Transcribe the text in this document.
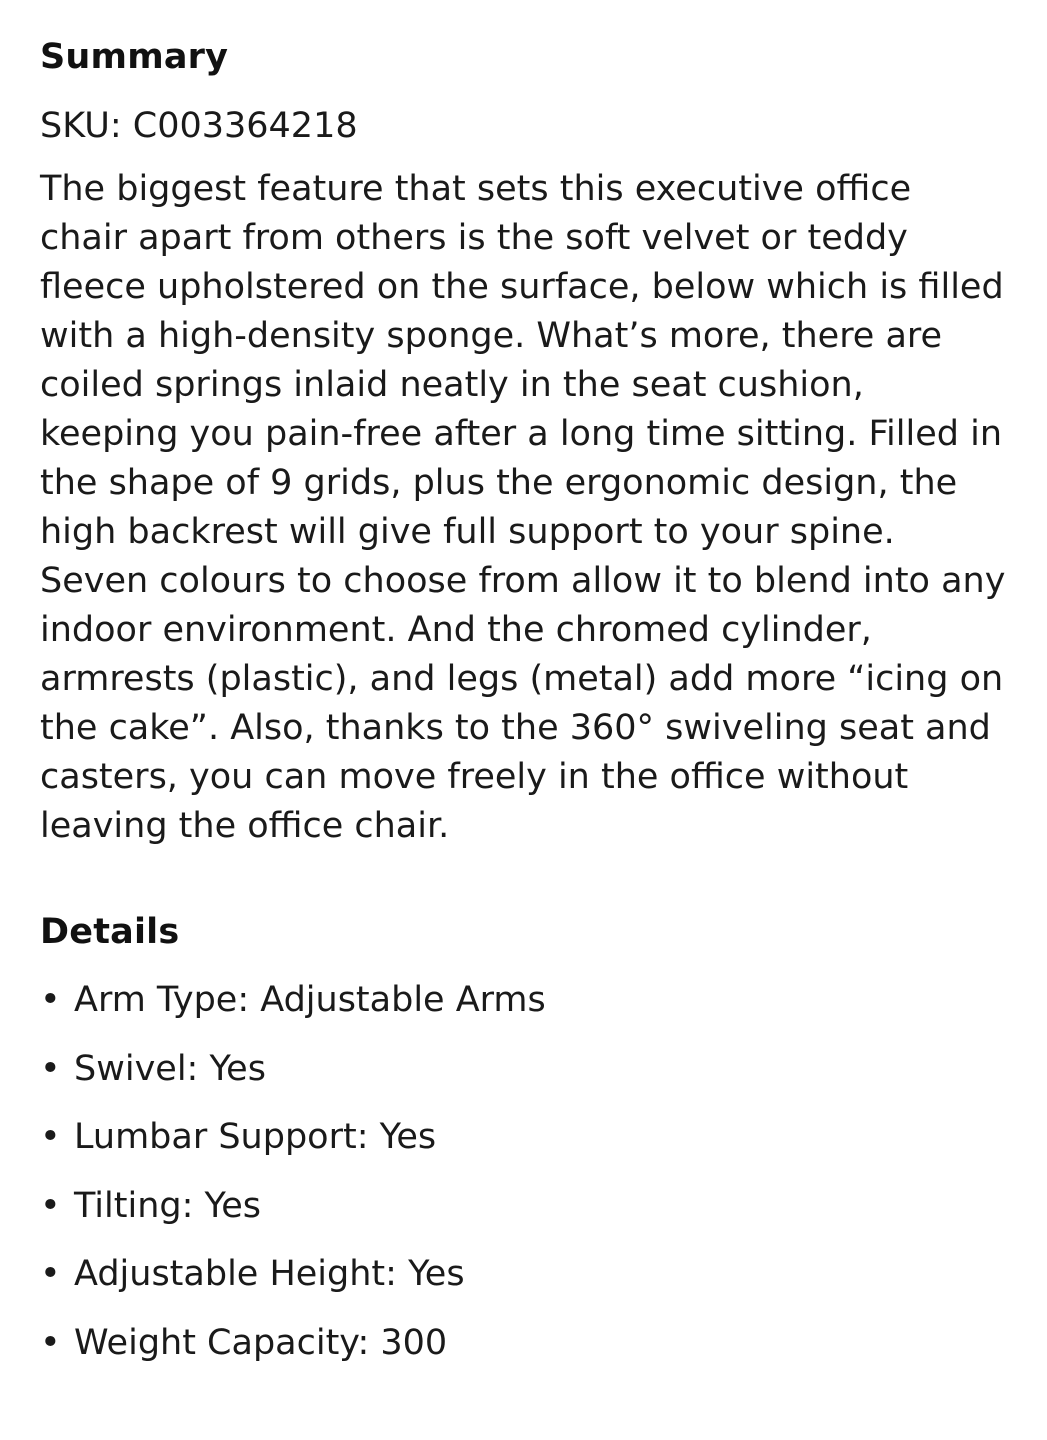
Summary

SKU: C003364218

The biggest feature that sets this executive office chair apart from others is the soft velvet or teddy fleece upholstered on the surface, below which is filled with a high-density sponge. What’s more, there are coiled springs inlaid neatly in the seat cushion, keeping you pain-free after a long time sitting. Filled in the shape of 9 grids, plus the ergonomic design, the high backrest will give full support to your spine. Seven colours to choose from allow it to blend into any indoor environment. And the chromed cylinder, armrests (plastic), and legs (metal) add more “icing on the cake”. Also, thanks to the 360° swiveling seat and casters, you can move freely in the office without leaving the office chair.

Details
• Arm Type: Adjustable Arms
• Swivel: Yes
• Lumbar Support: Yes
• Tilting: Yes
• Adjustable Height: Yes
• Weight Capacity: 300
